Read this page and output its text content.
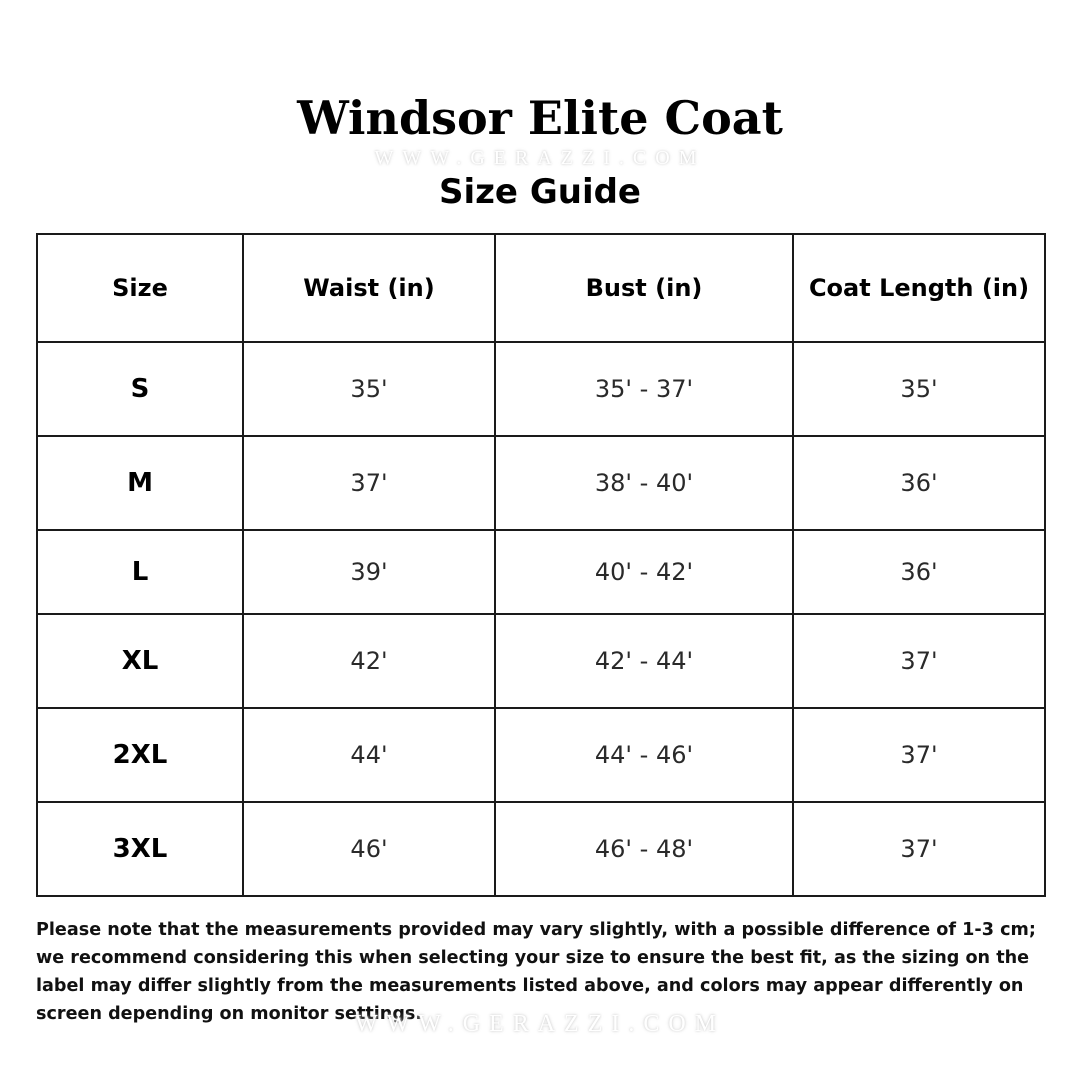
Windsor Elite Coat
WWW.GERAZZI.COM
Size Guide
Size	Waist (in)	Bust (in)	Coat Length (in)
S	35'	35' - 37'	35'
M	37'	38' - 40'	36'
L	39'	40' - 42'	36'
XL	42'	42' - 44'	37'
2XL	44'	44' - 46'	37'
3XL	46'	46' - 48'	37'

Please note that the measurements provided may vary slightly, with a possible difference of 1-3 cm; we recommend considering this when selecting your size to ensure the best fit, as the sizing on the label may differ slightly from the measurements listed above, and colors may appear differently on screen depending on monitor settings.

WWW.GERAZZI.COM
